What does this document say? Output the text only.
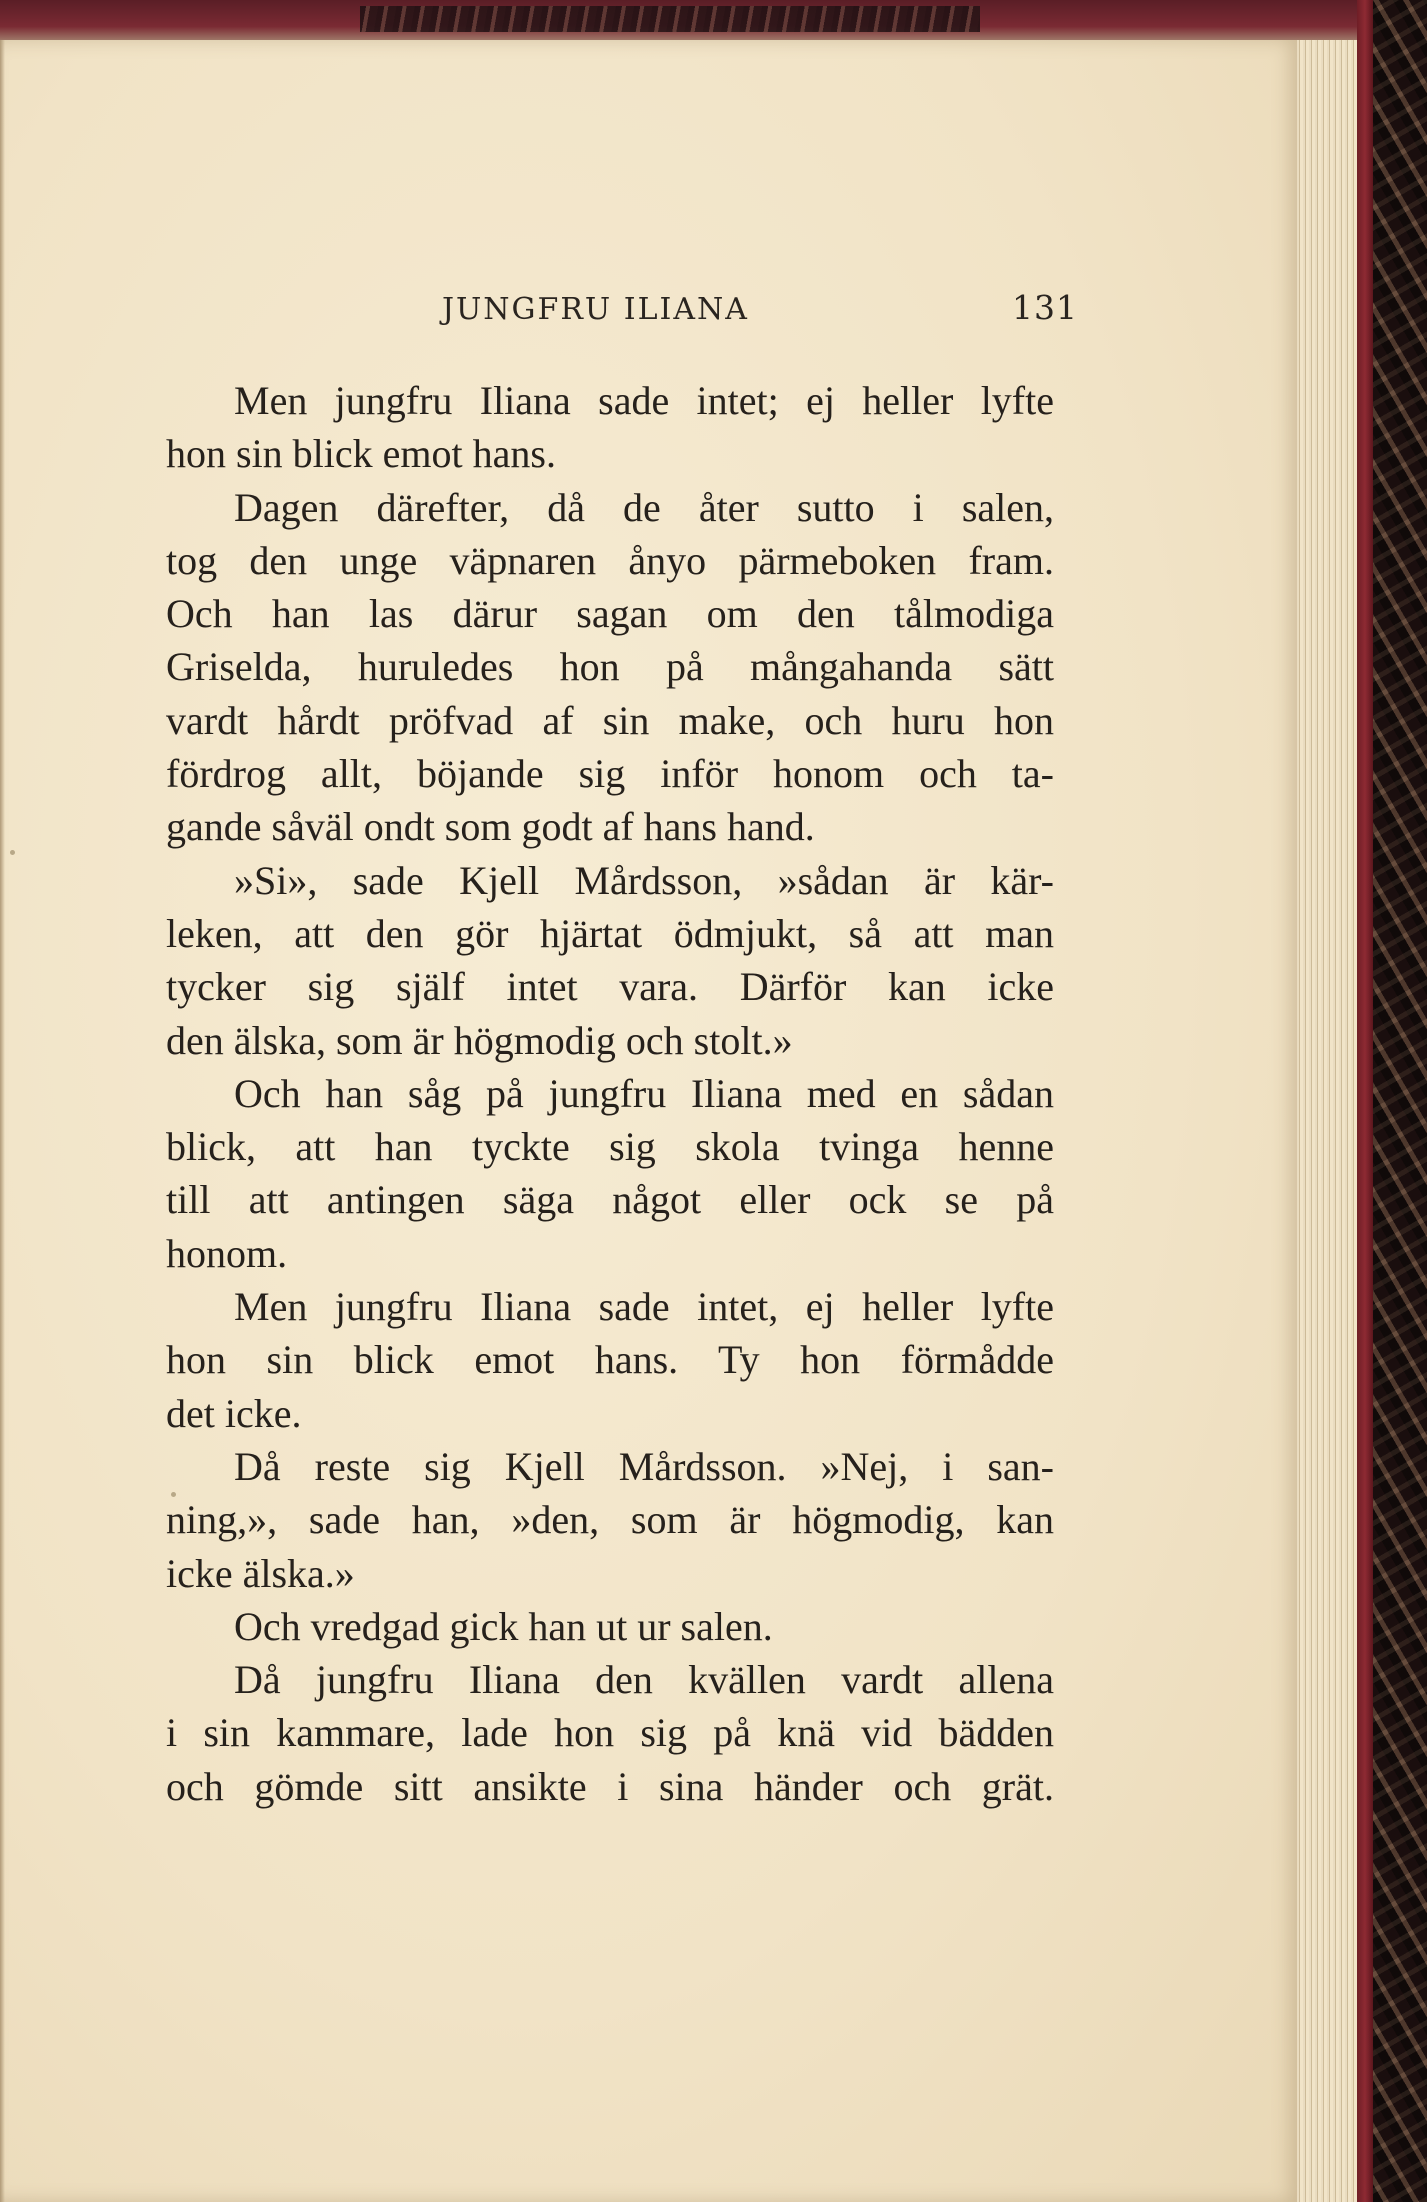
JUNGFRU ILIANA	131
Men jungfru Iliana sade intet; ej heller lyfte
hon sin blick emot hans.
Dagen därefter, då de åter sutto i salen,
tog den unge väpnaren ånyo pärmeboken fram.
Och han las därur sagan om den tålmodiga
Griselda, huruledes hon på mångahanda sätt
vardt hårdt pröfvad af sin make, och huru hon
fördrog allt, böjande sig inför honom och ta-
gande såväl ondt som godt af hans hand.
»Si», sade Kjell Mårdsson, »sådan är kär-
leken, att den gör hjärtat ödmjukt, så att man
tycker sig själf intet vara. Därför kan icke
den älska, som är högmodig och stolt.»
Och han såg på jungfru Iliana med en sådan
blick, att han tyckte sig skola tvinga henne
till att antingen säga något eller ock se på
honom.
Men jungfru Iliana sade intet, ej heller lyfte
hon sin blick emot hans. Ty hon förmådde
det icke.
Då reste sig Kjell Mårdsson. »Nej, i san-
ning,», sade han, »den, som är högmodig, kan
icke älska.»
Och vredgad gick han ut ur salen.
Då jungfru Iliana den kvällen vardt allena
i sin kammare, lade hon sig på knä vid bädden
och gömde sitt ansikte i sina händer och grät.
